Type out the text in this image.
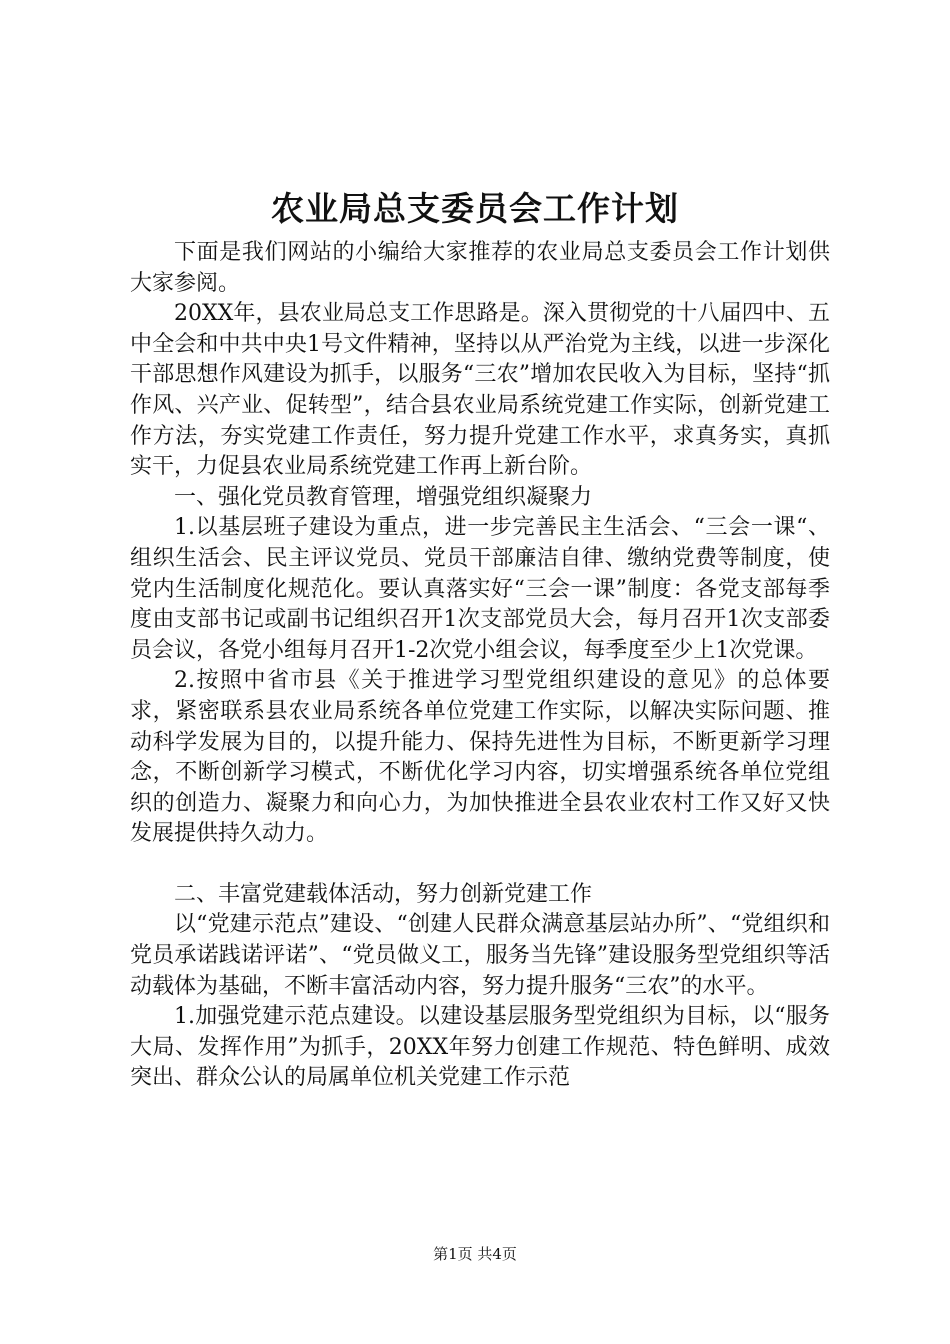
农业局总支委员会工作计划

下面是我们网站的小编给大家推荐的农业局总支委员会工作计划供大家参阅。

20XX年，县农业局总支工作思路是。深入贯彻党的十八届四中、五中全会和中共中央1号文件精神，坚持以从严治党为主线，以进一步深化干部思想作风建设为抓手，以服务“三农”增加农民收入为目标，坚持“抓作风、兴产业、促转型”，结合县农业局系统党建工作实际，创新党建工作方法，夯实党建工作责任，努力提升党建工作水平，求真务实，真抓实干，力促县农业局系统党建工作再上新台阶。

一、强化党员教育管理，增强党组织凝聚力

1.以基层班子建设为重点，进一步完善民主生活会、“三会一课“、组织生活会、民主评议党员、党员干部廉洁自律、缴纳党费等制度，使党内生活制度化规范化。要认真落实好“三会一课”制度：各党支部每季度由支部书记或副书记组织召开1次支部党员大会，每月召开1次支部委员会议，各党小组每月召开1-2次党小组会议，每季度至少上1次党课。

2.按照中省市县《关于推进学习型党组织建设的意见》的总体要求，紧密联系县农业局系统各单位党建工作实际，以解决实际问题、推动科学发展为目的，以提升能力、保持先进性为目标，不断更新学习理念，不断创新学习模式，不断优化学习内容，切实增强系统各单位党组织的创造力、凝聚力和向心力，为加快推进全县农业农村工作又好又快发展提供持久动力。

二、丰富党建载体活动，努力创新党建工作

以“党建示范点”建设、“创建人民群众满意基层站办所”、“党组织和党员承诺践诺评诺”、“党员做义工，服务当先锋”建设服务型党组织等活动载体为基础，不断丰富活动内容，努力提升服务“三农”的水平。

1.加强党建示范点建设。以建设基层服务型党组织为目标，以“服务大局、发挥作用”为抓手，20XX年努力创建工作规范、特色鲜明、成效突出、群众公认的局属单位机关党建工作示范

第1页 共4页
